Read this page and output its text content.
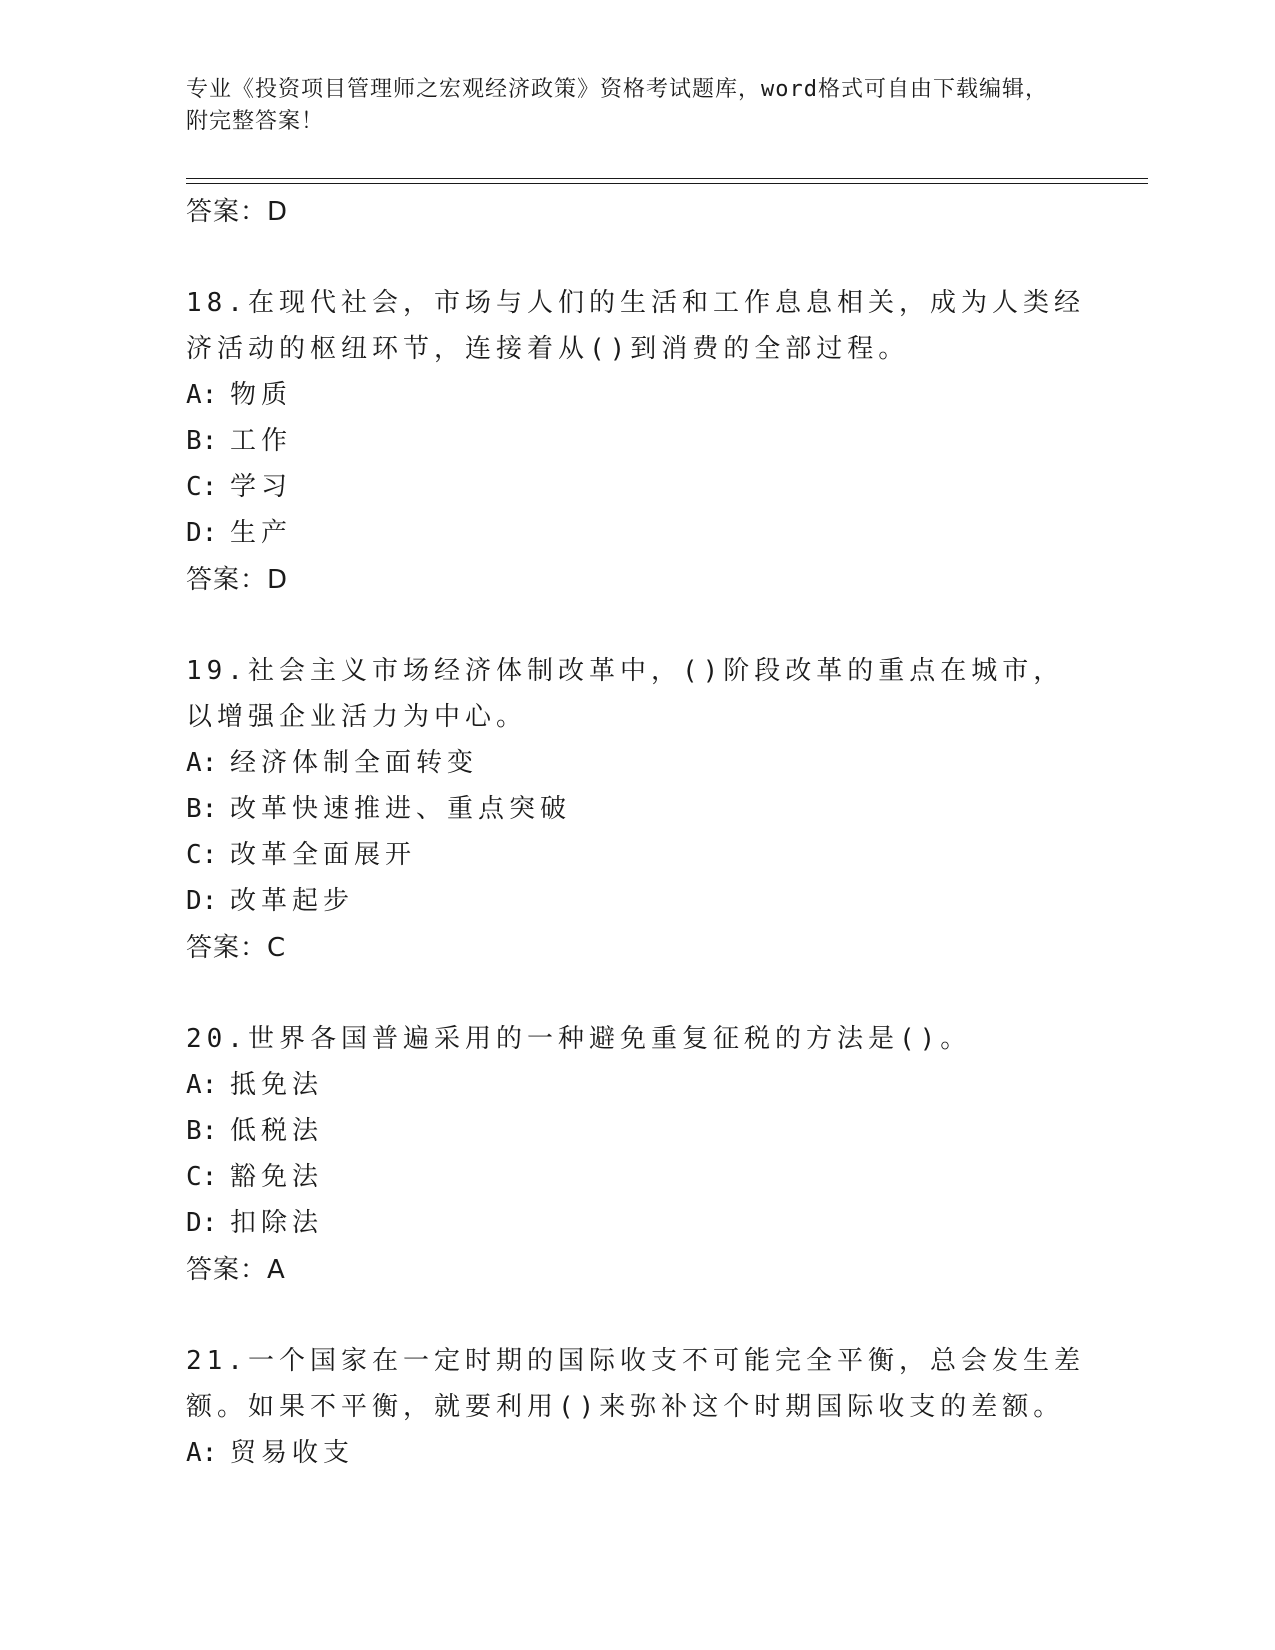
专业《投资项目管理师之宏观经济政策》资格考试题库，word格式可自由下载编辑，附完整答案！
答案：D
18.在现代社会，市场与人们的生活和工作息息相关，成为人类经济活动的枢纽环节，连接着从()到消费的全部过程。
A: 物质
B: 工作
C: 学习
D: 生产
答案：D
19.社会主义市场经济体制改革中，()阶段改革的重点在城市，以增强企业活力为中心。
A: 经济体制全面转变
B: 改革快速推进、重点突破
C: 改革全面展开
D: 改革起步
答案：C
20.世界各国普遍采用的一种避免重复征税的方法是()。
A: 抵免法
B: 低税法
C: 豁免法
D: 扣除法
答案：A
21.一个国家在一定时期的国际收支不可能完全平衡，总会发生差额。如果不平衡，就要利用()来弥补这个时期国际收支的差额。
A: 贸易收支
